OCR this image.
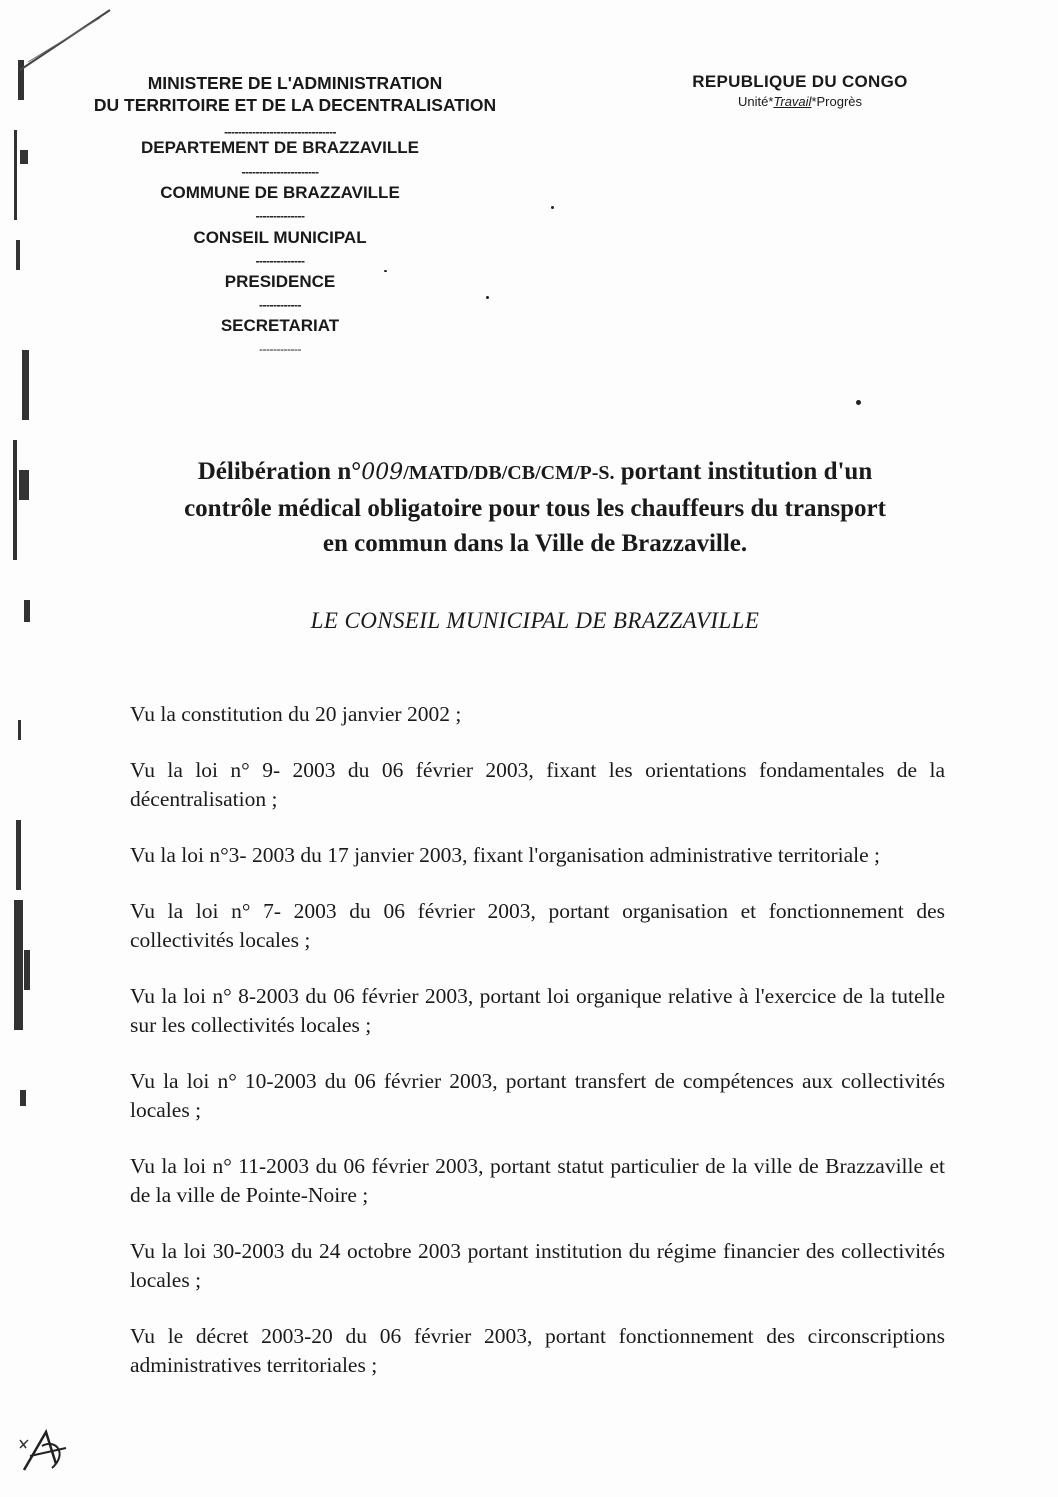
MINISTERE DE L'ADMINISTRATION
DU TERRITOIRE ET DE LA DECENTRALISATION
--------------------------------
DEPARTEMENT DE BRAZZAVILLE
----------------------
COMMUNE DE BRAZZAVILLE
--------------
CONSEIL MUNICIPAL
--------------
PRESIDENCE
------------
SECRETARIAT
------------
REPUBLIQUE DU CONGO
Unité*Travail*Progrès
Délibération n°009/MATD/DB/CB/CM/P-S. portant institution d'un
contrôle médical obligatoire pour tous les chauffeurs du transport
en commun dans la Ville de Brazzaville.
LE CONSEIL MUNICIPAL DE BRAZZAVILLE
Vu la constitution du 20 janvier 2002 ;
Vu la loi n° 9- 2003 du 06 février 2003, fixant les orientations fondamentales de la décentralisation ;
Vu la loi n°3- 2003 du 17 janvier 2003, fixant l'organisation administrative territoriale ;
Vu la loi n° 7- 2003 du 06 février 2003, portant organisation et fonctionnement des collectivités locales ;
Vu la loi n° 8-2003 du 06 février 2003, portant loi organique relative à l'exercice de la tutelle sur les collectivités locales ;
Vu la loi n° 10-2003 du 06 février 2003, portant transfert de compétences aux collectivités locales ;
Vu la loi n° 11-2003 du 06 février 2003, portant statut particulier de la ville de Brazzaville et de la ville de Pointe-Noire ;
Vu la loi 30-2003 du 24 octobre 2003 portant institution du régime financier des collectivités locales ;
Vu le décret 2003-20 du 06 février 2003, portant fonctionnement des circonscriptions administratives territoriales ;
